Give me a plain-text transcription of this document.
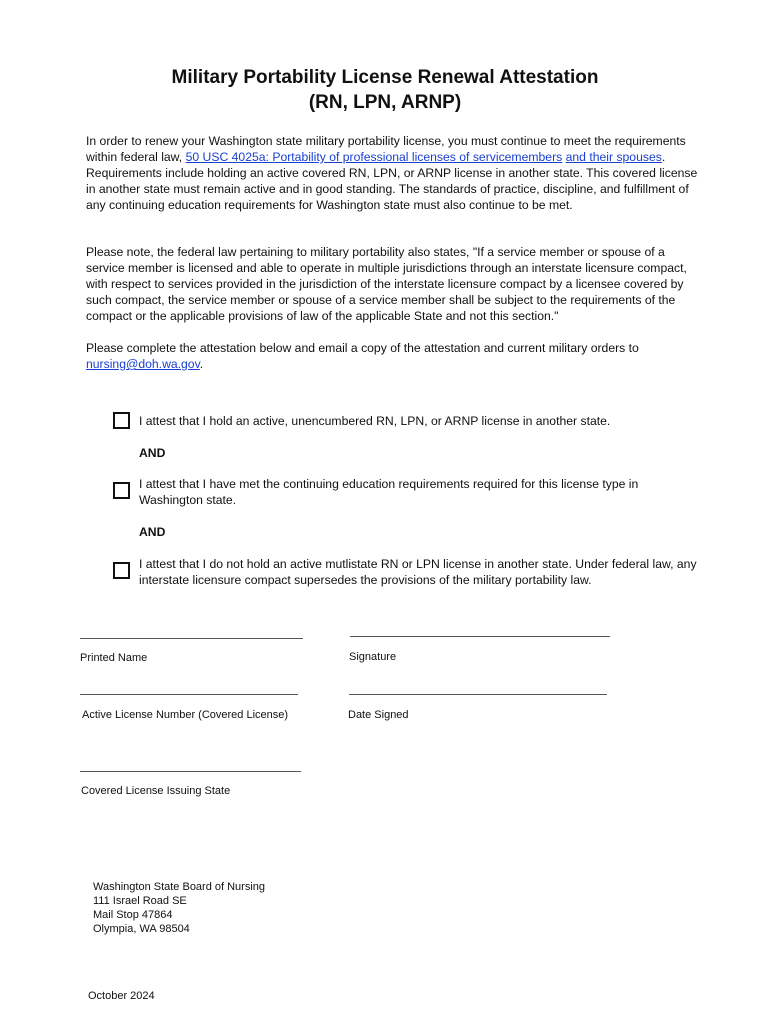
Military Portability License Renewal Attestation
(RN, LPN, ARNP)
In order to renew your Washington state military portability license, you must continue to meet the requirements within federal law, 50 USC 4025a: Portability of professional licenses of servicemembers and their spouses. Requirements include holding an active covered RN, LPN, or ARNP license in another state. This covered license in another state must remain active and in good standing. The standards of practice, discipline, and fulfillment of any continuing education requirements for Washington state must also continue to be met.
Please note, the federal law pertaining to military portability also states, "If a service member or spouse of a service member is licensed and able to operate in multiple jurisdictions through an interstate licensure compact, with respect to services provided in the jurisdiction of the interstate licensure compact by a licensee covered by such compact, the service member or spouse of a service member shall be subject to the requirements of the compact or the applicable provisions of law of the applicable State and not this section."
Please complete the attestation below and email a copy of the attestation and current military orders to nursing@doh.wa.gov.
I attest that I hold an active, unencumbered RN, LPN, or ARNP license in another state.
AND
I attest that I have met the continuing education requirements required for this license type in Washington state.
AND
I attest that I do not hold an active mutlistate RN or LPN license in another state. Under federal law, any interstate licensure compact supersedes the provisions of the military portability law.
Printed Name	Signature
Active License Number (Covered License)	Date Signed
Covered License Issuing State
Washington State Board of Nursing
111 Israel Road SE
Mail Stop 47864
Olympia, WA 98504
October 2024
